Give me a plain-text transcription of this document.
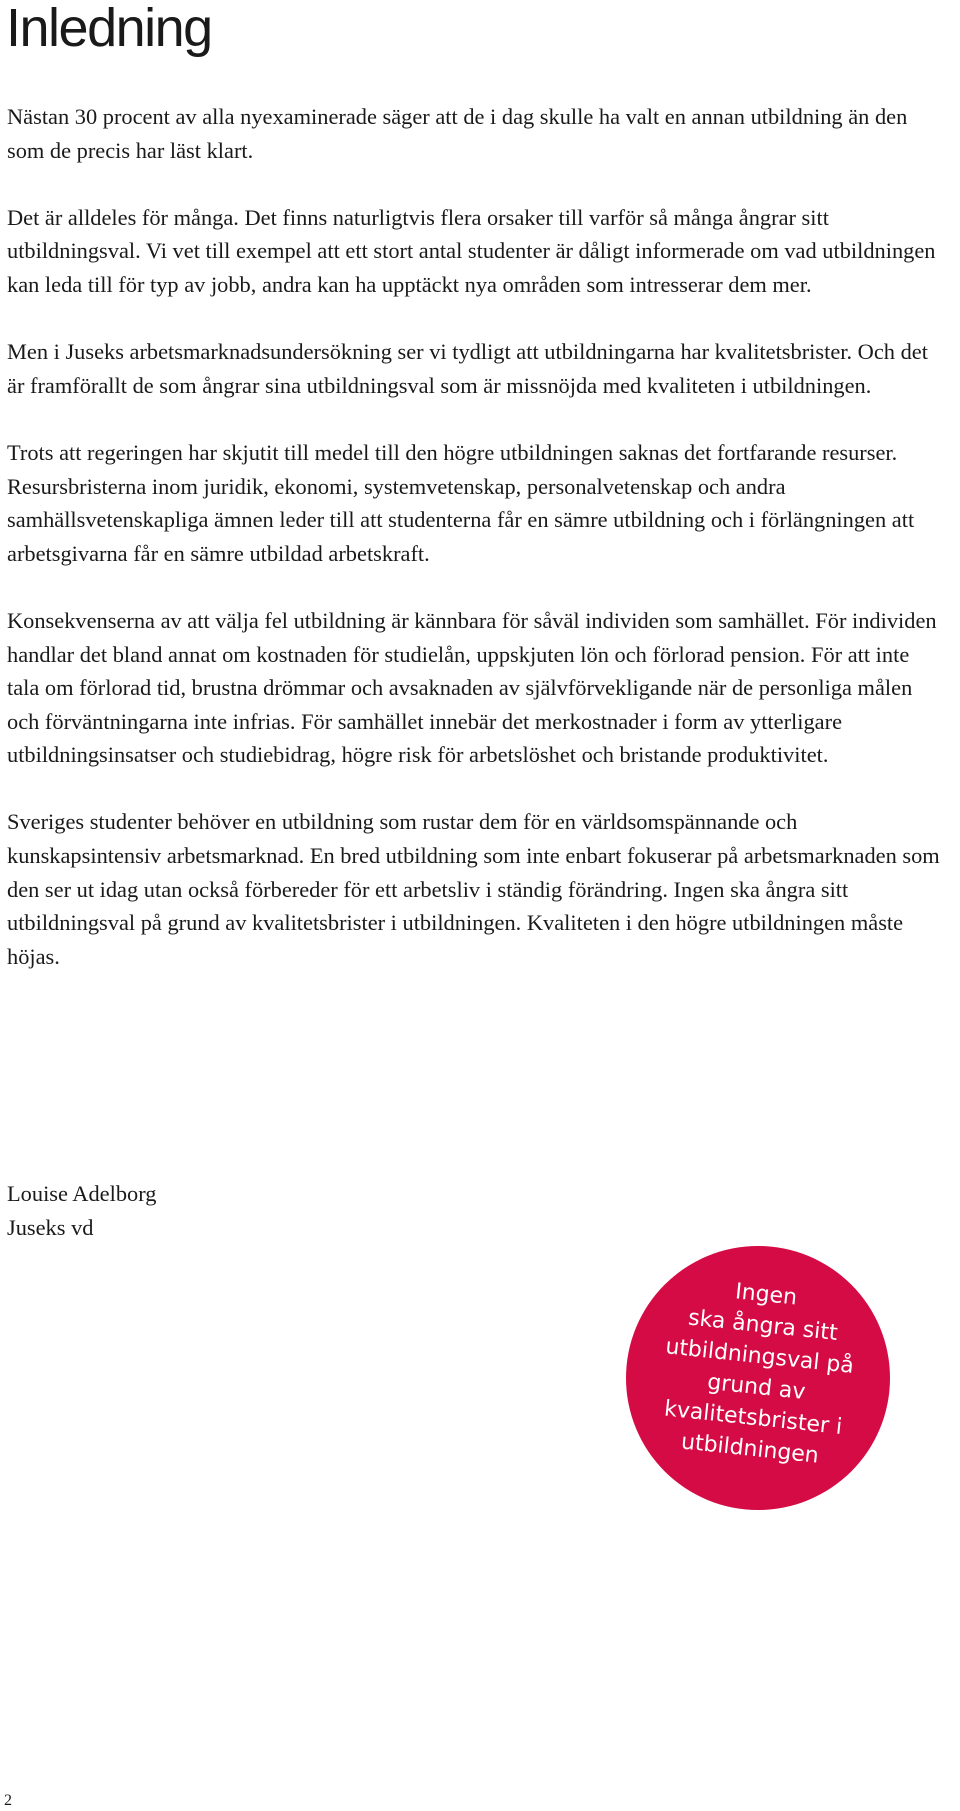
Inledning

Nästan 30 procent av alla nyexaminerade säger att de i dag skulle ha valt en annan utbildning än den som de precis har läst klart.

Det är alldeles för många. Det finns naturligtvis flera orsaker till varför så många ångrar sitt utbildningsval. Vi vet till exempel att ett stort antal studenter är dåligt informerade om vad utbildningen kan leda till för typ av jobb, andra kan ha upptäckt nya områden som intresserar dem mer.

Men i Juseks arbetsmarknadsundersökning ser vi tydligt att utbildningarna har kvalitetsbrister. Och det är framförallt de som ångrar sina utbildningsval som är missnöjda med kvaliteten i utbildningen.

Trots att regeringen har skjutit till medel till den högre utbildningen saknas det fortfarande resurser. Resursbristerna inom juridik, ekonomi, systemvetenskap, personalvetenskap och andra samhällsvetenskapliga ämnen leder till att studenterna får en sämre utbildning och i förlängningen att arbetsgivarna får en sämre utbildad arbetskraft.

Konsekvenserna av att välja fel utbildning är kännbara för såväl individen som samhället. För individen handlar det bland annat om kostnaden för studielån, uppskjuten lön och förlorad pension. För att inte tala om förlorad tid, brustna drömmar och avsaknaden av självförvekligande när de personliga målen och förväntningarna inte infrias. För samhället innebär det merkostnader i form av ytterligare utbildningsinsatser och studiebidrag, högre risk för arbetslöshet och bristande produktivitet.

Sveriges studenter behöver en utbildning som rustar dem för en världsomspännande och kunskapsintensiv arbetsmarknad. En bred utbildning som inte enbart fokuserar på arbetsmarknaden som den ser ut idag utan också förbereder för ett arbetsliv i ständig förändring. Ingen ska ångra sitt utbildningsval på grund av kvalitetsbrister i utbildningen. Kvaliteten i den högre utbildningen måste höjas.

Louise Adelborg
Juseks vd
Ingen
ska ångra sitt
utbildningsval på
grund av
kvalitetsbrister i
utbildningen
2
